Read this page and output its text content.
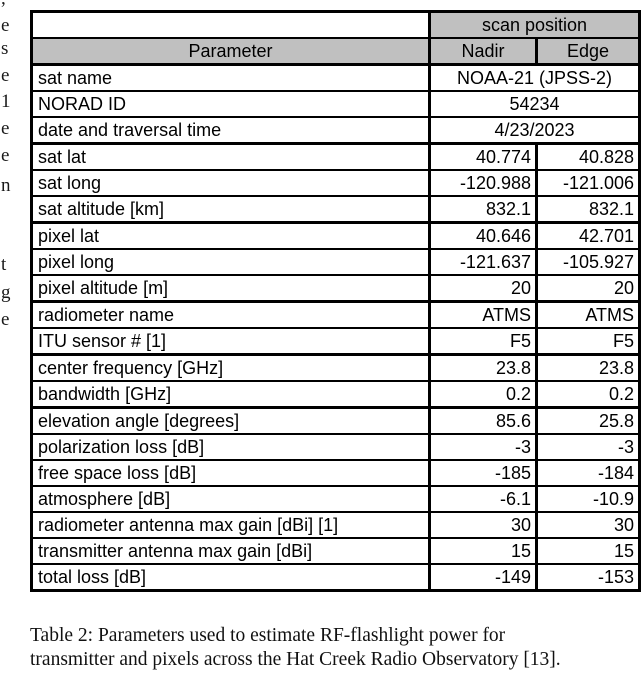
e
s
e
1
e
e
n
t
g
e
	scan position	
Parameter	Nadir	Edge
sat name	NOAA-21 (JPSS-2)	
NORAD ID	54234	
date and traversal time	4/23/2023	
sat lat	40.774	40.828
sat long	-120.988	-121.006
sat altitude [km]	832.1	832.1
pixel lat	40.646	42.701
pixel long	-121.637	-105.927
pixel altitude [m]	20	20
radiometer name	ATMS	ATMS
ITU sensor # [1]	F5	F5
center frequency [GHz]	23.8	23.8
bandwidth [GHz]	0.2	0.2
elevation angle [degrees]	85.6	25.8
polarization loss [dB]	-3	-3
free space loss [dB]	-185	-184
atmosphere [dB]	-6.1	-10.9
radiometer antenna max gain [dBi] [1]	30	30
transmitter antenna max gain [dBi]	15	15
total loss [dB]	-149	-153
Table 2: Parameters used to estimate RF-flashlight power for
transmitter and pixels across the Hat Creek Radio Observatory [13].
